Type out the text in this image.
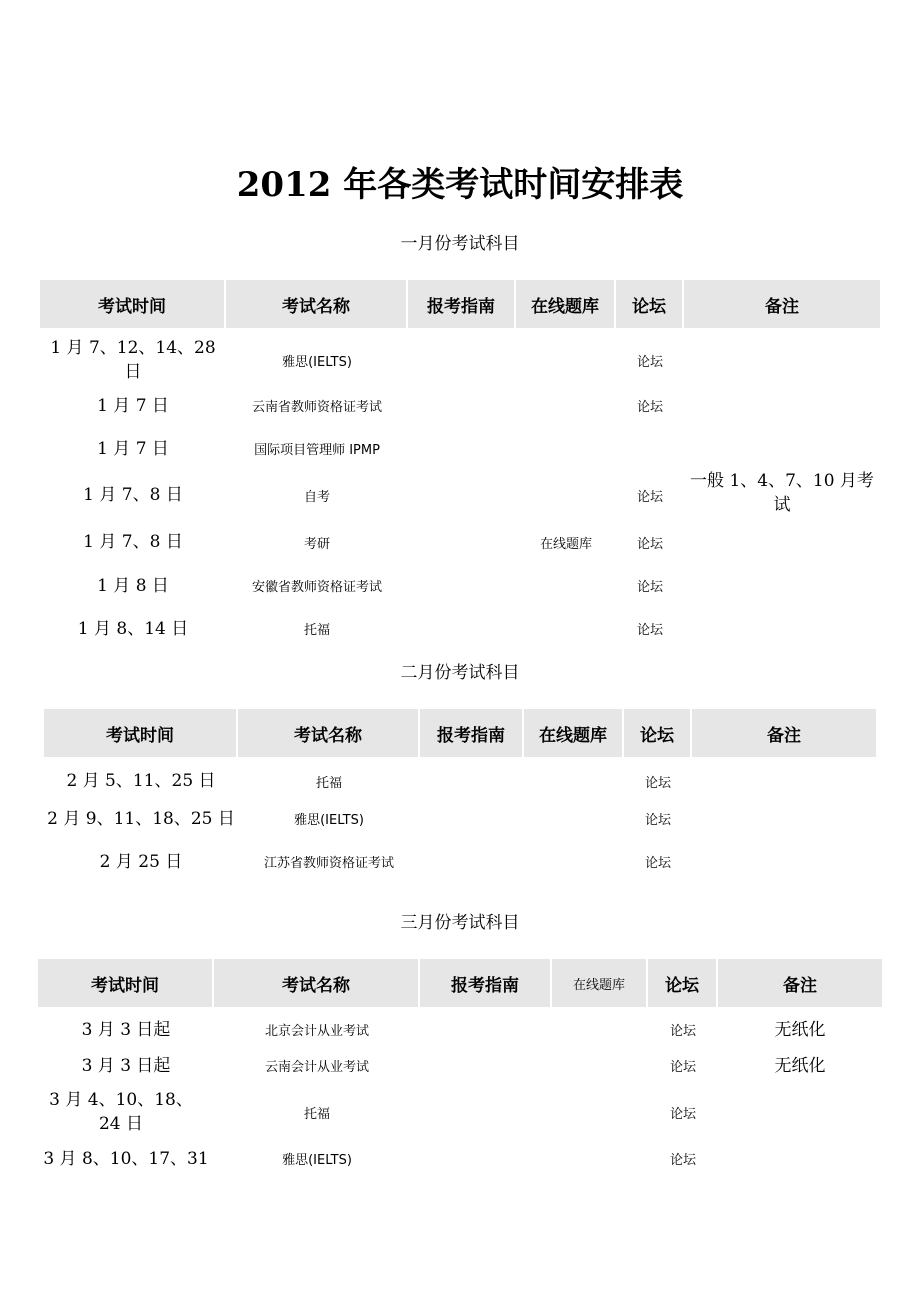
2012 年各类考试时间安排表
一月份考试科目
考试时间	考试名称	报考指南	在线题库	论坛	备注

1 月 7、12、14、28 日	雅思(IELTS)			论坛	一般 1、4、7、10 月考试
1 月 7 日	云南省教师资格证考试			论坛	
1 月 7 日	国际项目管理师 IPMP				
1 月 7、8 日	自考			论坛	
1 月 7、8 日	考研		在线题库	论坛	
1 月 8 日	安徽省教师资格证考试			论坛	
1 月 8、14 日	托福			论坛	
二月份考试科目
考试时间	考试名称	报考指南	在线题库	论坛	备注

2 月 5、11、25 日	托福			论坛	
2 月 9、11、18、25 日	雅思(IELTS)			论坛	
2 月 25 日	江苏省教师资格证考试			论坛	
三月份考试科目
考试时间	考试名称	报考指南	在线题库	论坛	备注

3 月 3 日起	北京会计从业考试			论坛	无纸化
3 月 3 日起	云南会计从业考试			论坛	无纸化
3 月 4、10、18、24 日	托福			论坛	
3 月 8、10、17、31	雅思(IELTS)			论坛	
